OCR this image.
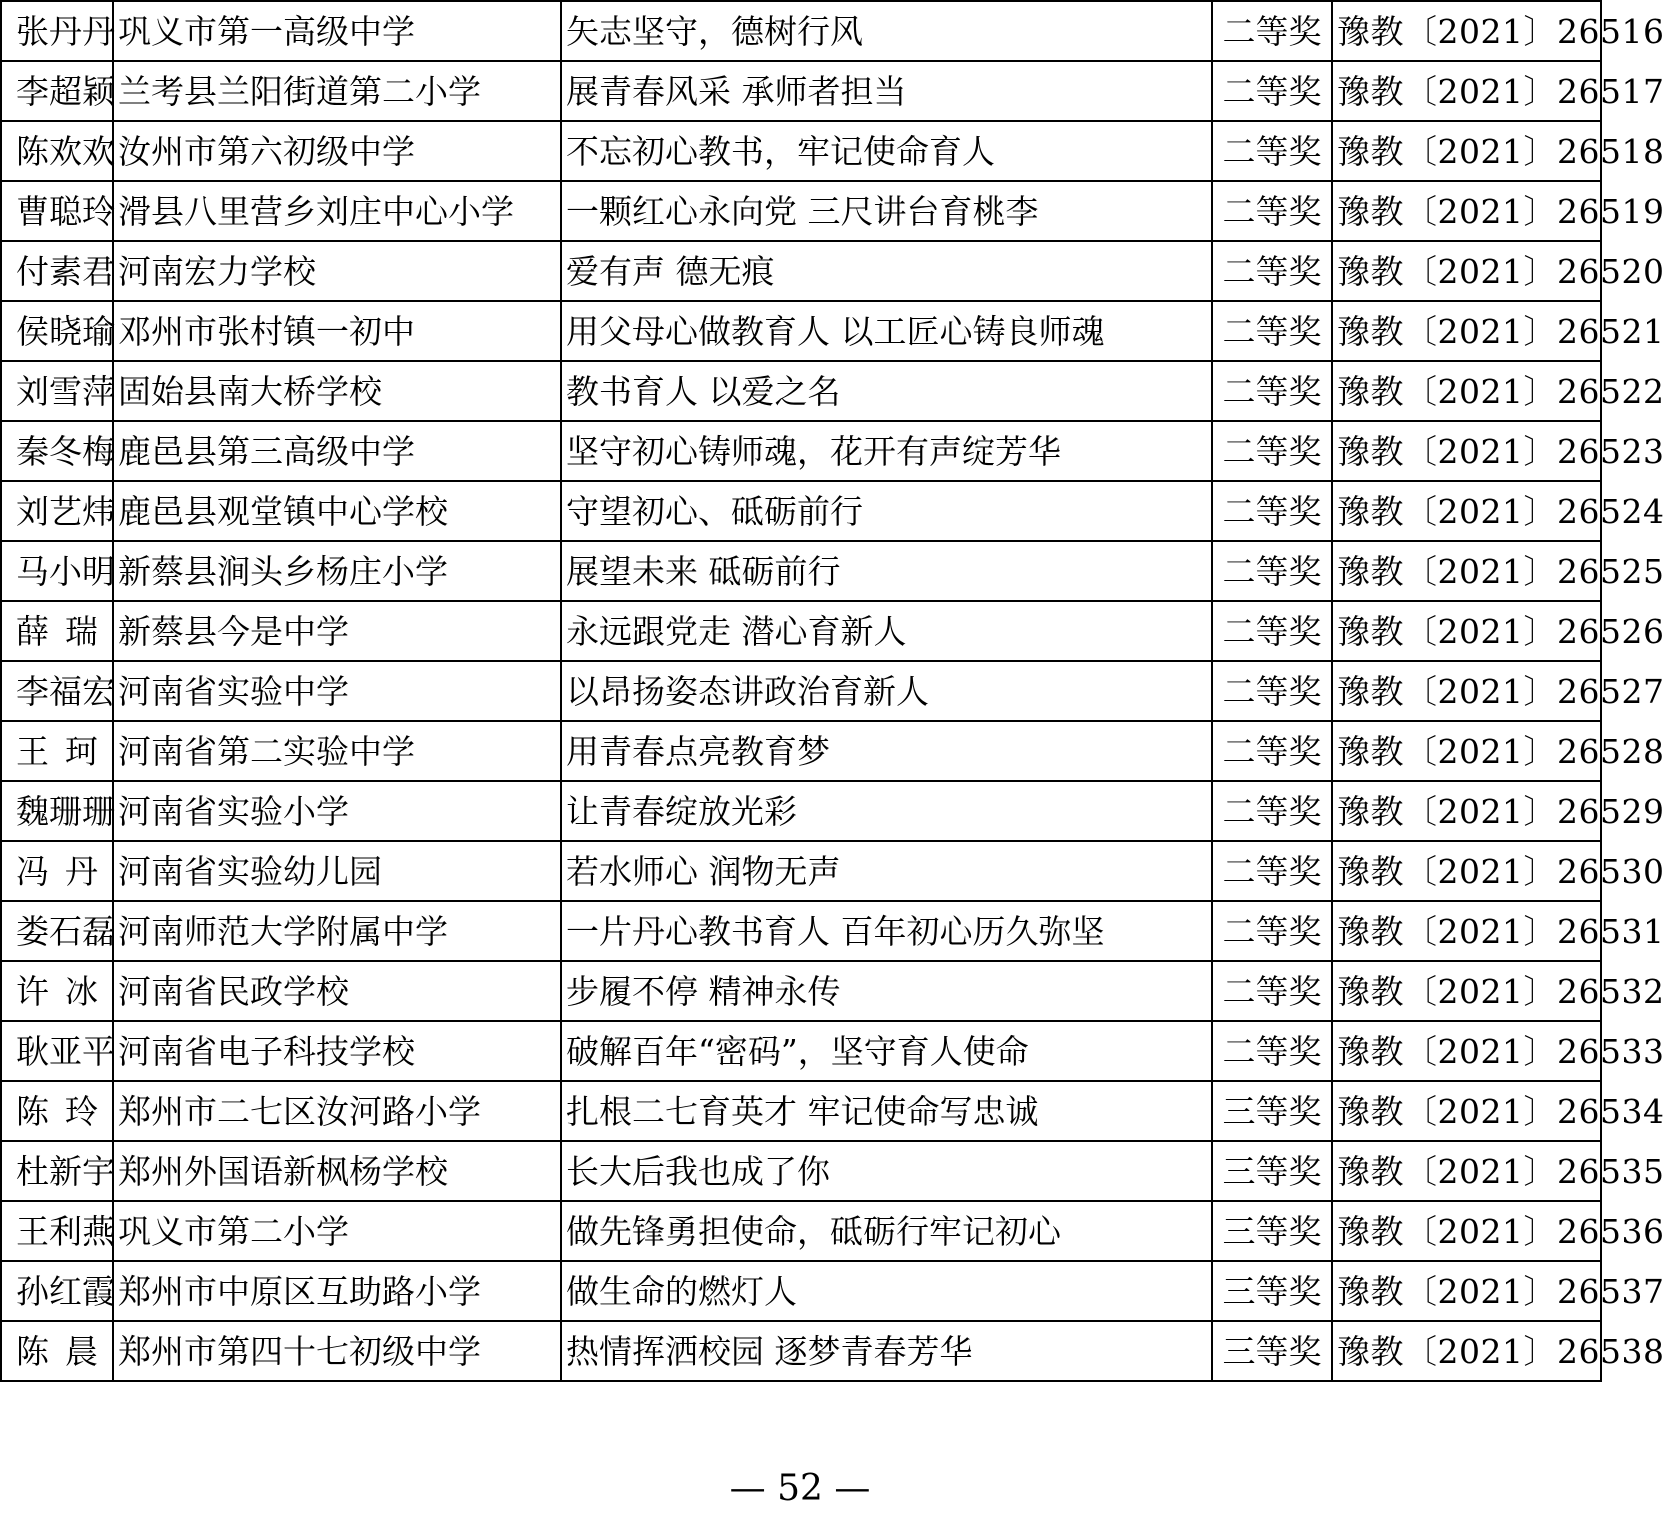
张丹丹	巩义市第一高级中学	矢志坚守，德树行风	二等奖	豫教〔2021〕26516
李超颖	兰考县兰阳街道第二小学	展青春风采 承师者担当	二等奖	豫教〔2021〕26517
陈欢欢	汝州市第六初级中学	不忘初心教书，牢记使命育人	二等奖	豫教〔2021〕26518
曹聪玲	滑县八里营乡刘庄中心小学	一颗红心永向党 三尺讲台育桃李	二等奖	豫教〔2021〕26519
付素君	河南宏力学校	爱有声 德无痕	二等奖	豫教〔2021〕26520
侯晓瑜	邓州市张村镇一初中	用父母心做教育人 以工匠心铸良师魂	二等奖	豫教〔2021〕26521
刘雪萍	固始县南大桥学校	教书育人 以爱之名	二等奖	豫教〔2021〕26522
秦冬梅	鹿邑县第三高级中学	坚守初心铸师魂，花开有声绽芳华	二等奖	豫教〔2021〕26523
刘艺炜	鹿邑县观堂镇中心学校	守望初心、砥砺前行	二等奖	豫教〔2021〕26524
马小明	新蔡县涧头乡杨庄小学	展望未来 砥砺前行	二等奖	豫教〔2021〕26525
薛瑞	新蔡县今是中学	永远跟党走 潜心育新人	二等奖	豫教〔2021〕26526
李福宏	河南省实验中学	以昂扬姿态讲政治育新人	二等奖	豫教〔2021〕26527
王珂	河南省第二实验中学	用青春点亮教育梦	二等奖	豫教〔2021〕26528
魏珊珊	河南省实验小学	让青春绽放光彩	二等奖	豫教〔2021〕26529
冯丹	河南省实验幼儿园	若水师心 润物无声	二等奖	豫教〔2021〕26530
娄石磊	河南师范大学附属中学	一片丹心教书育人 百年初心历久弥坚	二等奖	豫教〔2021〕26531
许冰	河南省民政学校	步履不停 精神永传	二等奖	豫教〔2021〕26532
耿亚平	河南省电子科技学校	破解百年“密码”，坚守育人使命	二等奖	豫教〔2021〕26533
陈玲	郑州市二七区汝河路小学	扎根二七育英才 牢记使命写忠诚	三等奖	豫教〔2021〕26534
杜新宇	郑州外国语新枫杨学校	长大后我也成了你	三等奖	豫教〔2021〕26535
王利燕	巩义市第二小学	做先锋勇担使命，砥砺行牢记初心	三等奖	豫教〔2021〕26536
孙红霞	郑州市中原区互助路小学	做生命的燃灯人	三等奖	豫教〔2021〕26537
陈晨	郑州市第四十七初级中学	热情挥洒校园 逐梦青春芳华	三等奖	豫教〔2021〕26538
— 52 —
